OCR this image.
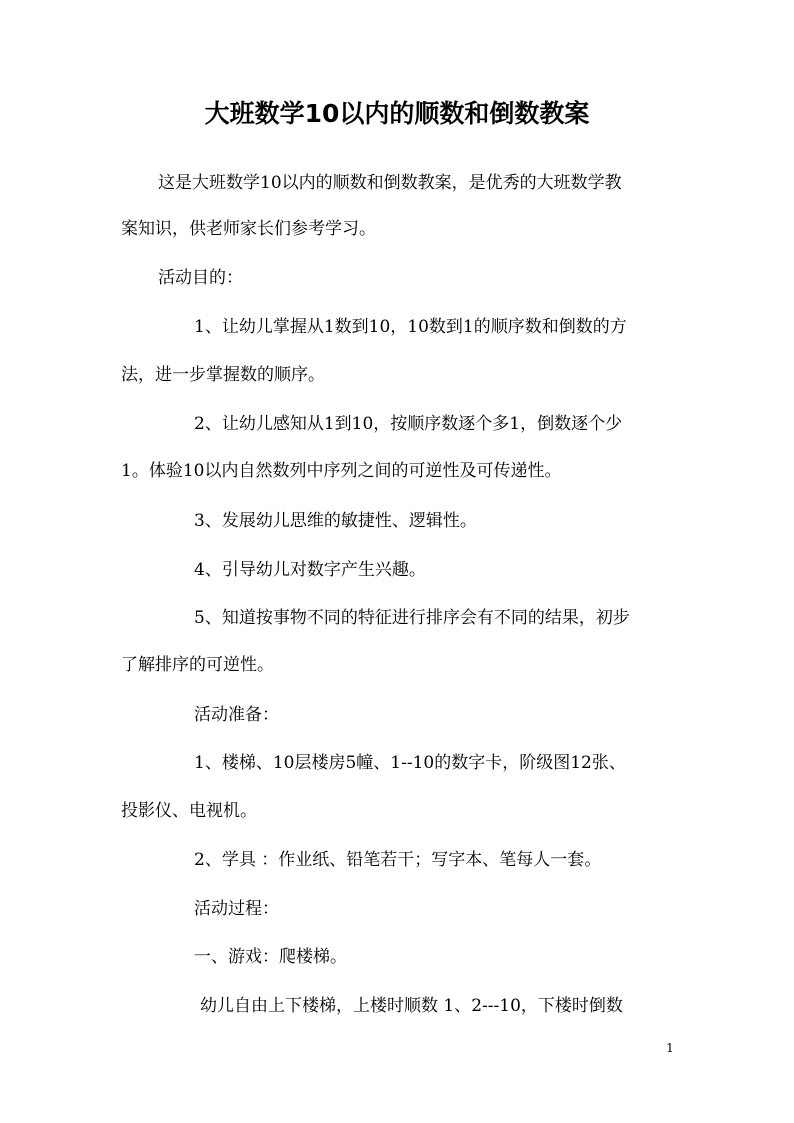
大班数学10以内的顺数和倒数教案
这是大班数学10以内的顺数和倒数教案，是优秀的大班数学教
案知识，供老师家长们参考学习。
活动目的：
1、让幼儿掌握从1数到10，10数到1的顺序数和倒数的方
法，进一步掌握数的顺序。
2、让幼儿感知从1到10，按顺序数逐个多1，倒数逐个少
1。体验10以内自然数列中序列之间的可逆性及可传递性。
3、发展幼儿思维的敏捷性、逻辑性。
4、引导幼儿对数字产生兴趣。
5、知道按事物不同的特征进行排序会有不同的结果，初步
了解排序的可逆性。
活动准备：
1、楼梯、10层楼房5幢、1--10的数字卡，阶级图12张、
投影仪、电视机。
2、学具 ：作业纸、铅笔若干；写字本、笔每人一套。
活动过程：
一、游戏：爬楼梯。
幼儿自由上下楼梯，上楼时顺数 1、2---10，下楼时倒数
1
